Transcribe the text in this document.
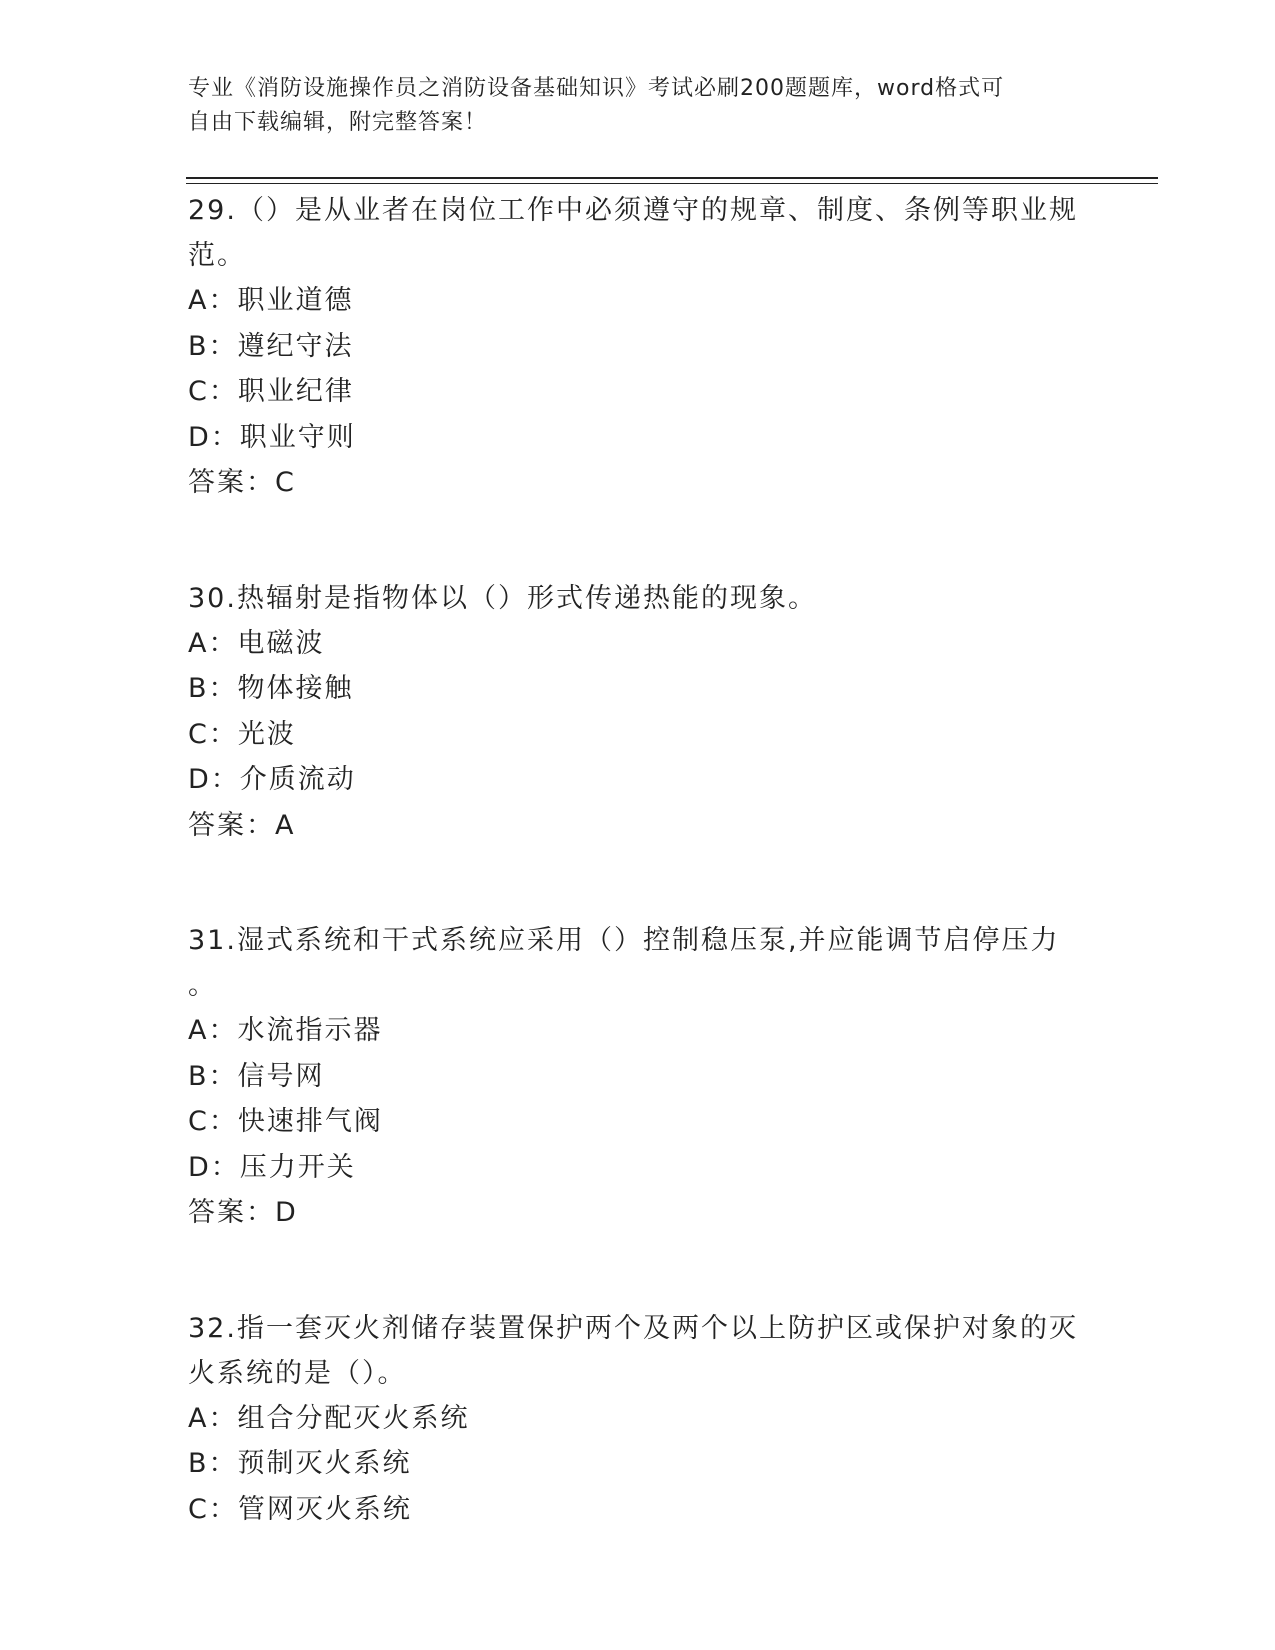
专业《消防设施操作员之消防设备基础知识》考试必刷200题题库，word格式可
自由下载编辑，附完整答案！

29.（）是从业者在岗位工作中必须遵守的规章、制度、条例等职业规

范。

A：职业道德

B：遵纪守法

C：职业纪律

D：职业守则

答案：C

30.热辐射是指物体以（）形式传递热能的现象。

A：电磁波

B：物体接触

C：光波

D：介质流动

答案：A

31.湿式系统和干式系统应采用（）控制稳压泵,并应能调节启停压力

。

A：水流指示器

B：信号网

C：快速排气阀

D：压力开关

答案：D

32.指一套灭火剂储存装置保护两个及两个以上防护区或保护对象的灭

火系统的是（）。

A：组合分配灭火系统

B：预制灭火系统

C：管网灭火系统
